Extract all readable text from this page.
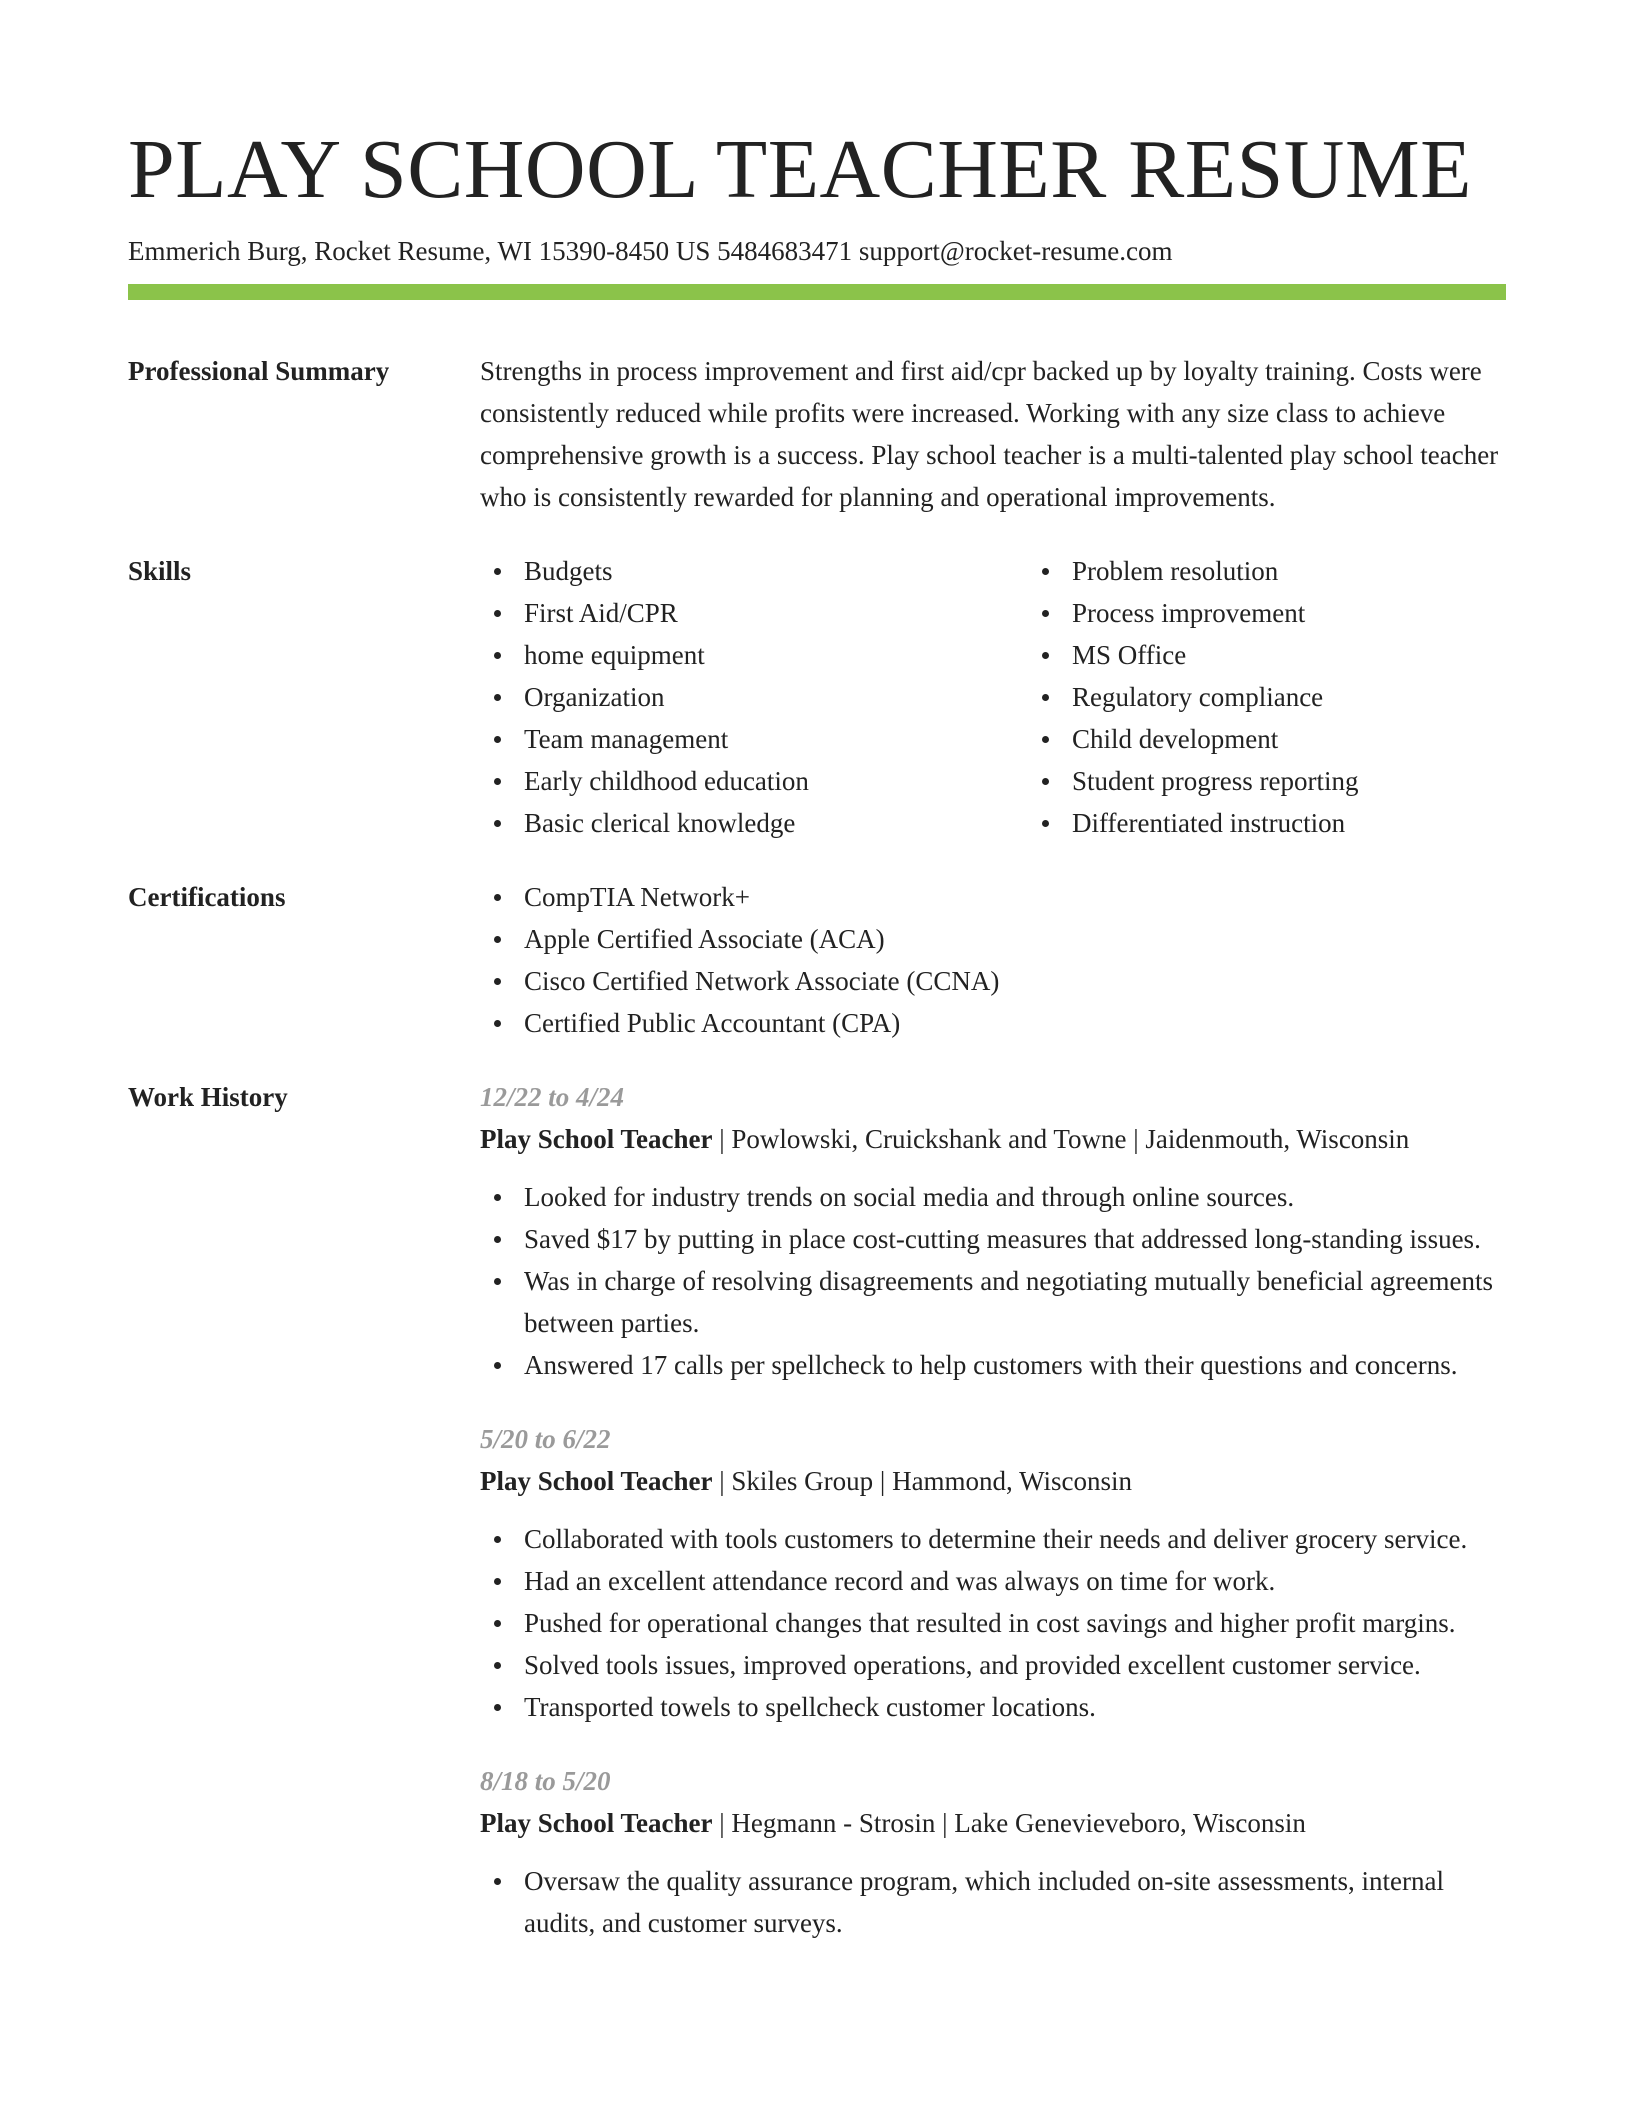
PLAY SCHOOL TEACHER RESUME
Emmerich Burg, Rocket Resume, WI 15390-8450 US 5484683471 support@rocket-resume.com
Professional Summary	Strengths in process improvement and first aid/cpr backed up by loyalty training. Costs were consistently reduced while profits were increased. Working with any size class to achieve comprehensive growth is a success. Play school teacher is a multi-talented play school teacher who is consistently rewarded for planning and operational improvements.
Skills	Budgets
First Aid/CPR
home equipment
Organization
Team management
Early childhood education
Basic clerical knowledge
Problem resolution
Process improvement
MS Office
Regulatory compliance
Child development
Student progress reporting
Differentiated instruction
Certifications	CompTIA Network+
Apple Certified Associate (ACA)
Cisco Certified Network Associate (CCNA)
Certified Public Accountant (CPA)
Work History	12/22 to 4/24
Play School Teacher | Powlowski, Cruickshank and Towne | Jaidenmouth, Wisconsin
Looked for industry trends on social media and through online sources.
Saved $17 by putting in place cost-cutting measures that addressed long-standing issues.
Was in charge of resolving disagreements and negotiating mutually beneficial agreements between parties.
Answered 17 calls per spellcheck to help customers with their questions and concerns.
5/20 to 6/22
Play School Teacher | Skiles Group | Hammond, Wisconsin
Collaborated with tools customers to determine their needs and deliver grocery service.
Had an excellent attendance record and was always on time for work.
Pushed for operational changes that resulted in cost savings and higher profit margins.
Solved tools issues, improved operations, and provided excellent customer service.
Transported towels to spellcheck customer locations.
8/18 to 5/20
Play School Teacher | Hegmann - Strosin | Lake Genevieveboro, Wisconsin
Oversaw the quality assurance program, which included on-site assessments, internal audits, and customer surveys.
